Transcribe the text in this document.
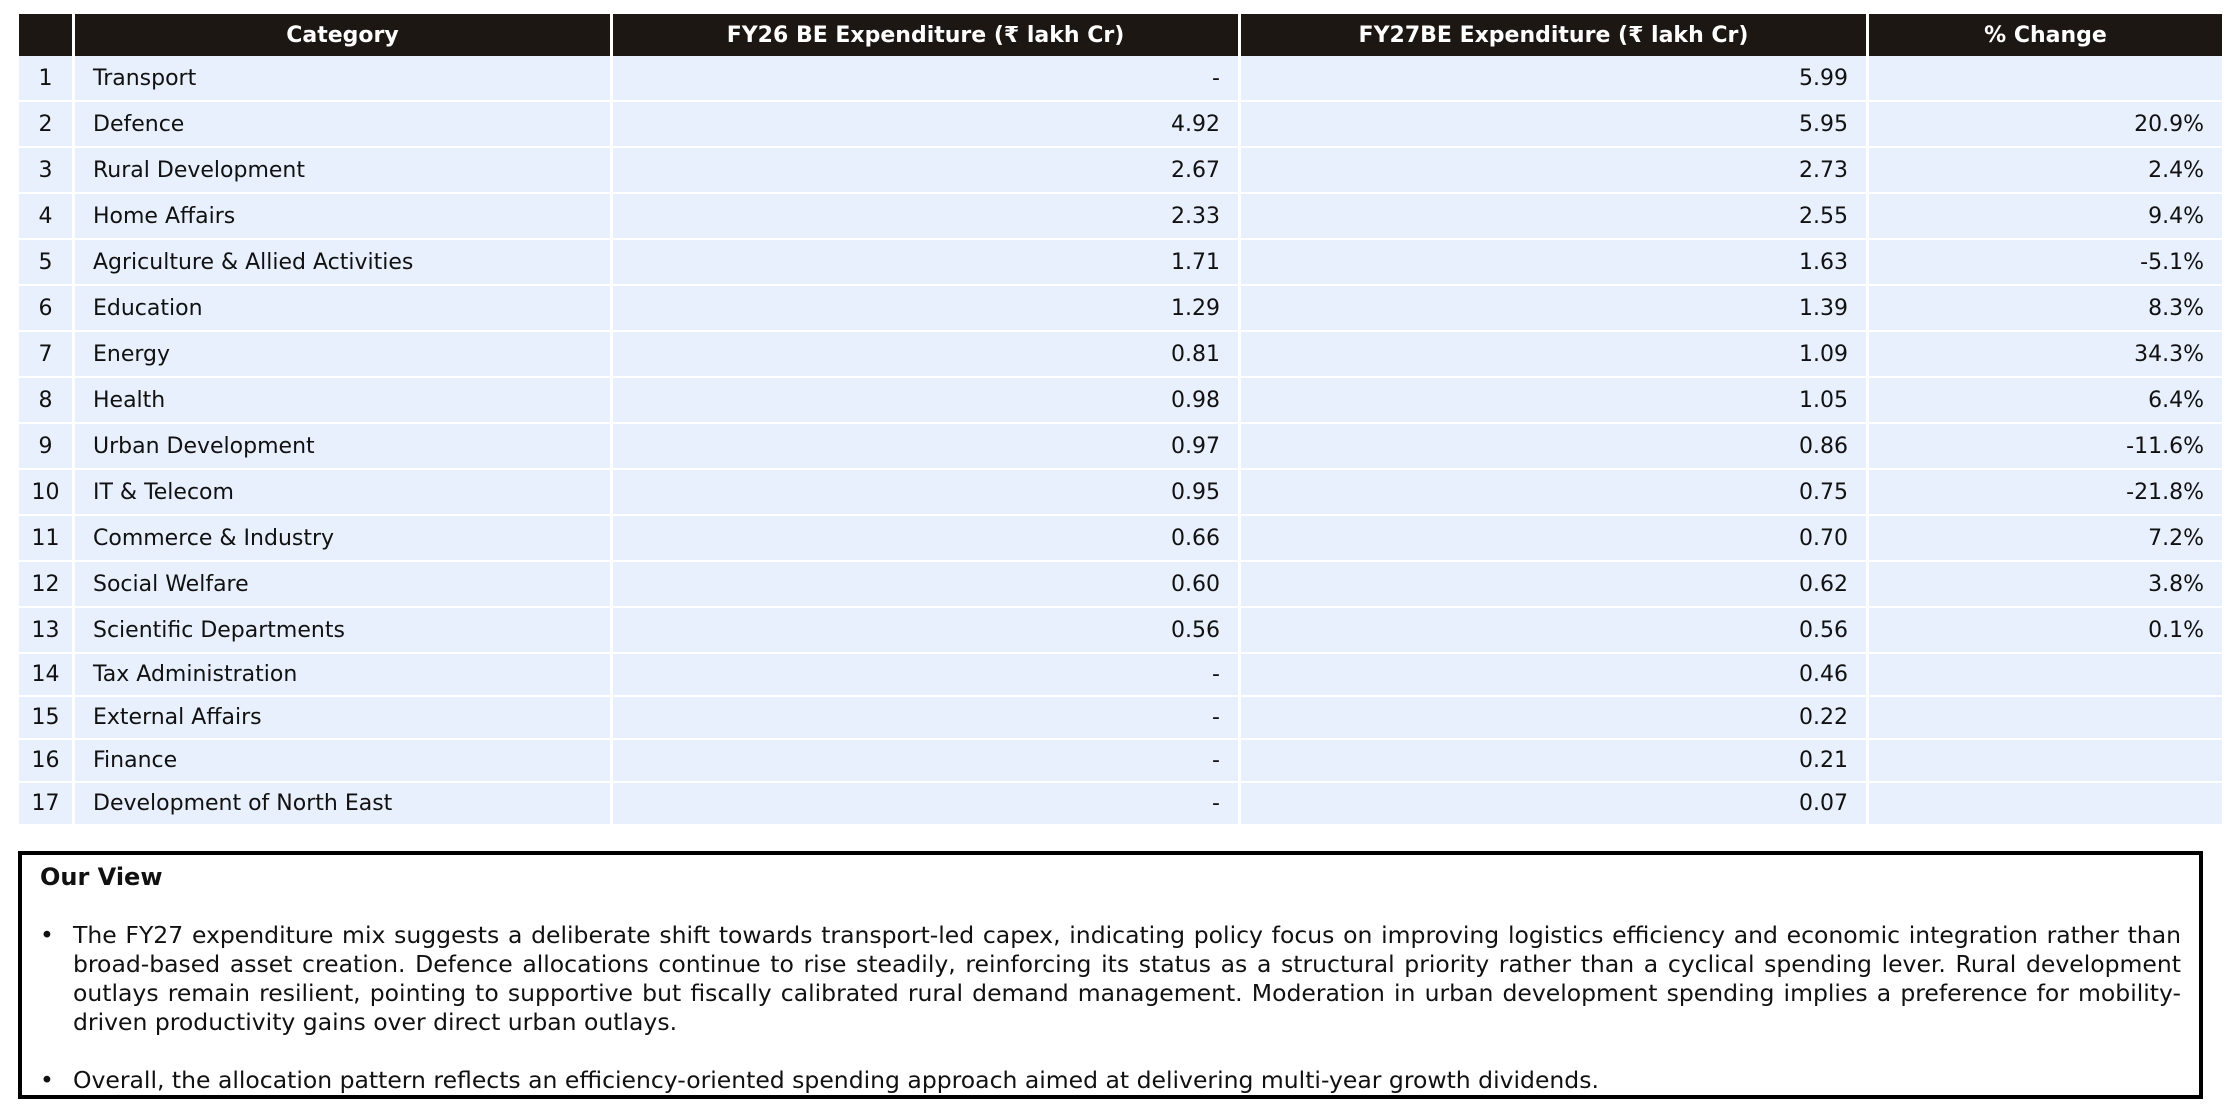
	Category	FY26 BE Expenditure (₹ lakh Cr)	FY27BE Expenditure (₹ lakh Cr)	% Change
1	Transport	-	5.99	
2	Defence	4.92	5.95	20.9%
3	Rural Development	2.67	2.73	2.4%
4	Home Affairs	2.33	2.55	9.4%
5	Agriculture & Allied Activities	1.71	1.63	-5.1%
6	Education	1.29	1.39	8.3%
7	Energy	0.81	1.09	34.3%
8	Health	0.98	1.05	6.4%
9	Urban Development	0.97	0.86	-11.6%
10	IT & Telecom	0.95	0.75	-21.8%
11	Commerce & Industry	0.66	0.70	7.2%
12	Social Welfare	0.60	0.62	3.8%
13	Scientific Departments	0.56	0.56	0.1%
14	Tax Administration	-	0.46	
15	External Affairs	-	0.22	
16	Finance	-	0.21	
17	Development of North East	-	0.07	
Our View
• The FY27 expenditure mix suggests a deliberate shift towards transport-led capex, indicating policy focus on improving logistics efficiency and economic integration rather than broad-based asset creation. Defence allocations continue to rise steadily, reinforcing its status as a structural priority rather than a cyclical spending lever. Rural development outlays remain resilient, pointing to supportive but fiscally calibrated rural demand management. Moderation in urban development spending implies a preference for mobility-driven productivity gains over direct urban outlays.
• Overall, the allocation pattern reflects an efficiency-oriented spending approach aimed at delivering multi-year growth dividends.
